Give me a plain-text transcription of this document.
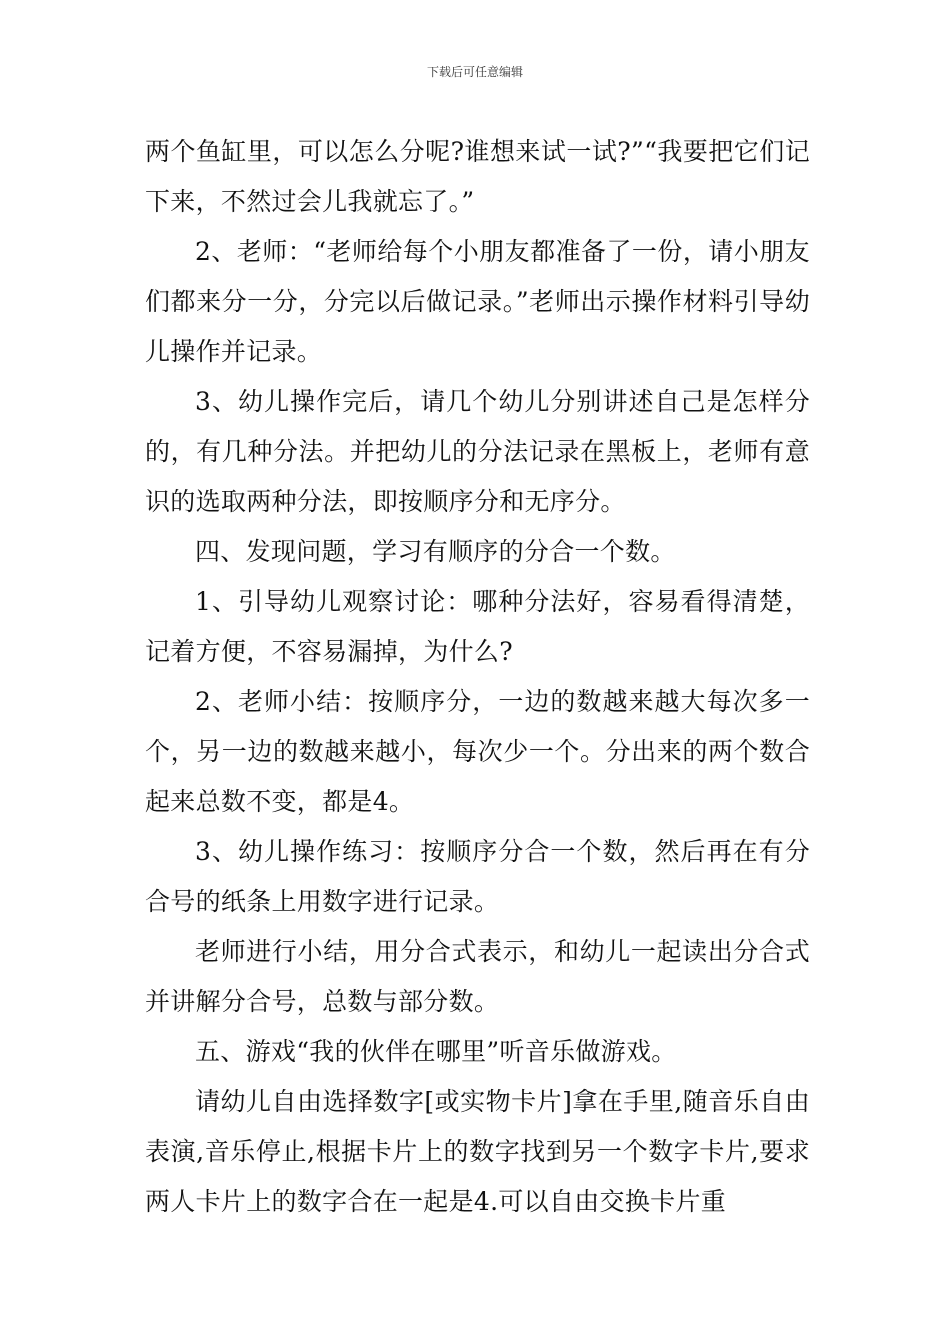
下载后可任意编辑

两个鱼缸里，可以怎么分呢?谁想来试一试?”“我要把它们记下来，不然过会儿我就忘了。”

2、老师：“老师给每个小朋友都准备了一份，请小朋友们都来分一分，分完以后做记录。”老师出示操作材料引导幼儿操作并记录。

3、幼儿操作完后，请几个幼儿分别讲述自己是怎样分的，有几种分法。并把幼儿的分法记录在黑板上，老师有意识的选取两种分法，即按顺序分和无序分。

四、发现问题，学习有顺序的分合一个数。

1、引导幼儿观察讨论：哪种分法好，容易看得清楚，记着方便，不容易漏掉，为什么?

2、老师小结：按顺序分，一边的数越来越大每次多一个，另一边的数越来越小，每次少一个。分出来的两个数合起来总数不变，都是4。

3、幼儿操作练习：按顺序分合一个数，然后再在有分合号的纸条上用数字进行记录。

老师进行小结，用分合式表示，和幼儿一起读出分合式并讲解分合号，总数与部分数。

五、游戏“我的伙伴在哪里”听音乐做游戏。

请幼儿自由选择数字[或实物卡片]拿在手里,随音乐自由表演,音乐停止,根据卡片上的数字找到另一个数字卡片,要求两人卡片上的数字合在一起是4.可以自由交换卡片重
